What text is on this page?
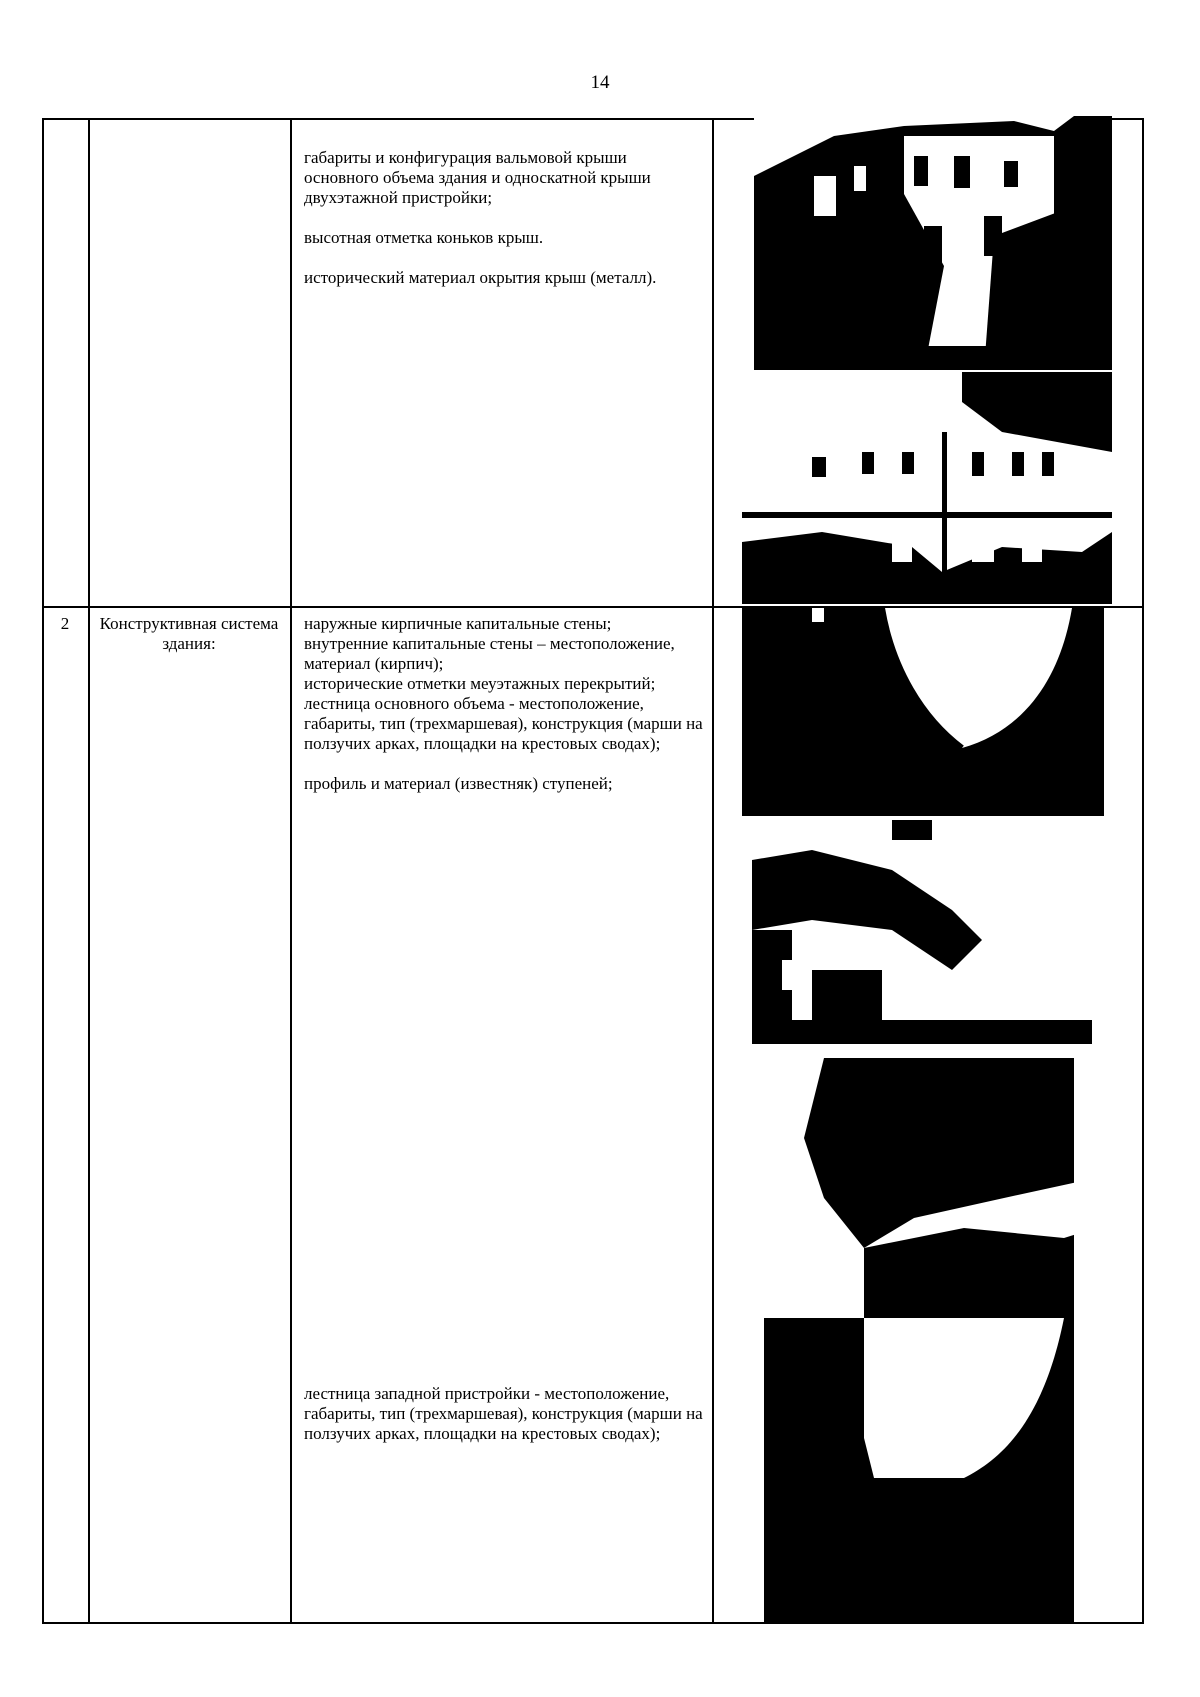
14

габариты и конфигурация вальмовой крыши основного объема здания и односкатной крыши двухэтажной пристройки;

высотная отметка коньков крыш.

исторический материал окрытия крыш (металл).

2	Конструктивная система здания:

наружные кирпичные капитальные стены;

внутренние капитальные стены – местоположение, материал (кирпич);

исторические отметки меуэтажных перекрытий;

лестница основного объема - местоположение, габариты, тип (трехмаршевая), конструкция (марши на ползучих арках, площадки на крестовых сводах);

профиль и материал (известняк) ступеней;

лестница западной пристройки - местоположение, габариты, тип (трехмаршевая), конструкция (марши на ползучих арках, площадки на крестовых сводах);
